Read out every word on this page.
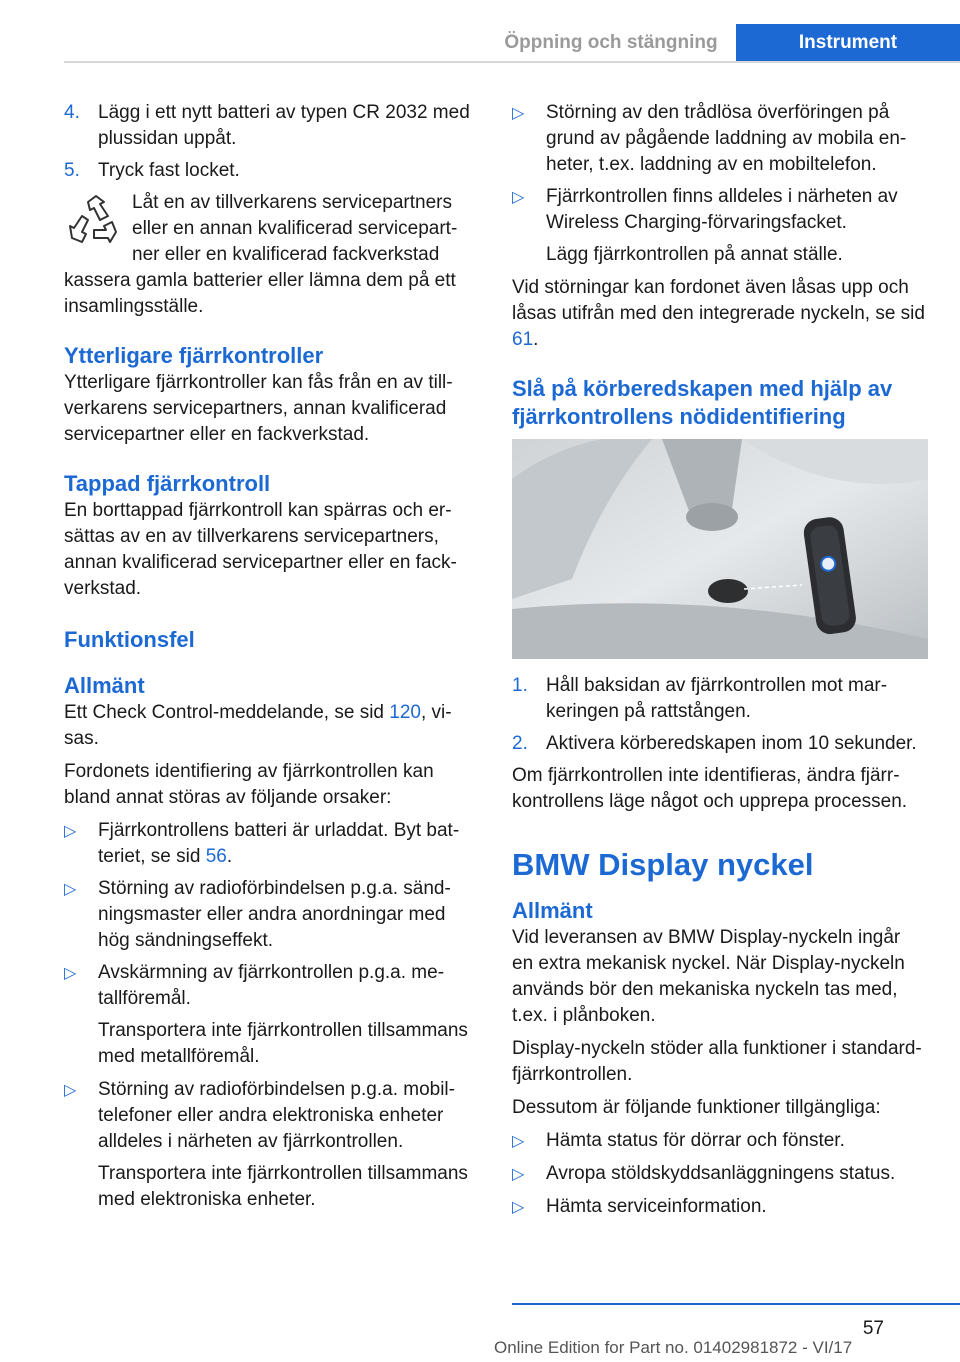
Öppning och stängning	Instrument
4. Lägg i ett nytt batteri av typen CR 2032 med plussidan uppåt.
5. Tryck fast locket.
Låt en av tillverkarens servicepartners eller en annan kvalificerad servicepartner eller en kvalificerad fackverkstad kassera gamla batterier eller lämna dem på ett insamlingsställe.
Ytterligare fjärrkontroller
Ytterligare fjärrkontroller kan fås från en av tillverkarens servicepartners, annan kvalificerad servicepartner eller en fackverkstad.
Tappad fjärrkontroll
En borttappad fjärrkontroll kan spärras och ersättas av en av tillverkarens servicepartners, annan kvalificerad servicepartner eller en fackverkstad.
Funktionsfel
Allmänt
Ett Check Control-meddelande, se sid 120, visas.
Fordonets identifiering av fjärrkontrollen kan bland annat störas av följande orsaker:
▷	Fjärrkontrollens batteri är urladdat. Byt batteriet, se sid 56.
▷	Störning av radioförbindelsen p.g.a. sändningsmaster eller andra anordningar med hög sändningseffekt.
▷	Avskärmning av fjärrkontrollen p.g.a. metallföremål.
Transportera inte fjärrkontrollen tillsammans med metallföremål.
▷	Störning av radioförbindelsen p.g.a. mobiltelefoner eller andra elektroniska enheter alldeles i närheten av fjärrkontrollen.
Transportera inte fjärrkontrollen tillsammans med elektroniska enheter.
▷	Störning av den trådlösa överföringen på grund av pågående laddning av mobila enheter, t.ex. laddning av en mobiltelefon.
▷	Fjärrkontrollen finns alldeles i närheten av Wireless Charging-förvaringsfacket.
Lägg fjärrkontrollen på annat ställe.
Vid störningar kan fordonet även låsas upp och låsas utifrån med den integrerade nyckeln, se sid 61.
Slå på körberedskapen med hjälp av fjärrkontrollens nödidentifiering
1. Håll baksidan av fjärrkontrollen mot markeringen på rattstången.
2. Aktivera körberedskapen inom 10 sekunder.
Om fjärrkontrollen inte identifieras, ändra fjärrkontrollens läge något och upprepa processen.
BMW Display nyckel
Allmänt
Vid leveransen av BMW Display-nyckeln ingår en extra mekanisk nyckel. När Display-nyckeln används bör den mekaniska nyckeln tas med, t.ex. i plånboken.
Display-nyckeln stöder alla funktioner i standard-fjärrkontrollen.
Dessutom är följande funktioner tillgängliga:
▷	Hämta status för dörrar och fönster.
▷	Avropa stöldskyddsanläggningens status.
▷	Hämta serviceinformation.
57
Online Edition for Part no. 01402981872 - VI/17
